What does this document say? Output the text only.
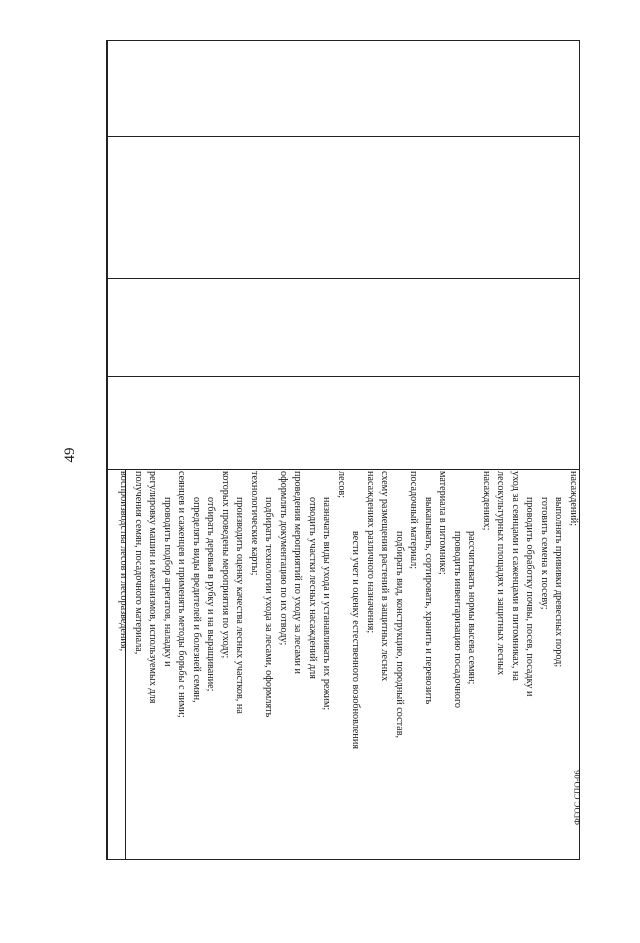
насаждений;

выполнять прививки древесных пород;

готовить семена к посеву;

проводить обработку почвы, посев, посадку и

уход за сеянцами и саженцами в питомниках, на

лесокультурных площадях и защитных лесных

насаждениях;

рассчитывать нормы высева семян;

проводить инвентаризацию посадочного

материала в питомнике;

выкапывать, сортировать, хранить и перевозить

посадочный материал;

подбирать вид, конструкцию, породный состав,

схему размещения растений в защитных лесных

насаждениях различного назначения;

вести учет и оценку естественного возобновления

лесов;

назначать виды ухода и устанавливать их режим;

отводить участки лесных насаждений для

проведения мероприятий по уходу за лесами и

оформлять документацию по их отводу;

подбирать технологии ухода за лесами, оформлять

технологические карты;

производить оценку качества лесных участков, на

которых проведены мероприятия по уходу;

отбирать деревья в рубку и на выращивание;

определять виды вредителей и болезней семян,

сеянцев и саженцев и применять методы борьбы с ними;

проводить подбор агрегатов, наладку и

регулировку машин и механизмов, используемых для

получения семян, посадочного материала,

воспроизводства лесов и лесоразведения;

49
ФГОС СПО-06
